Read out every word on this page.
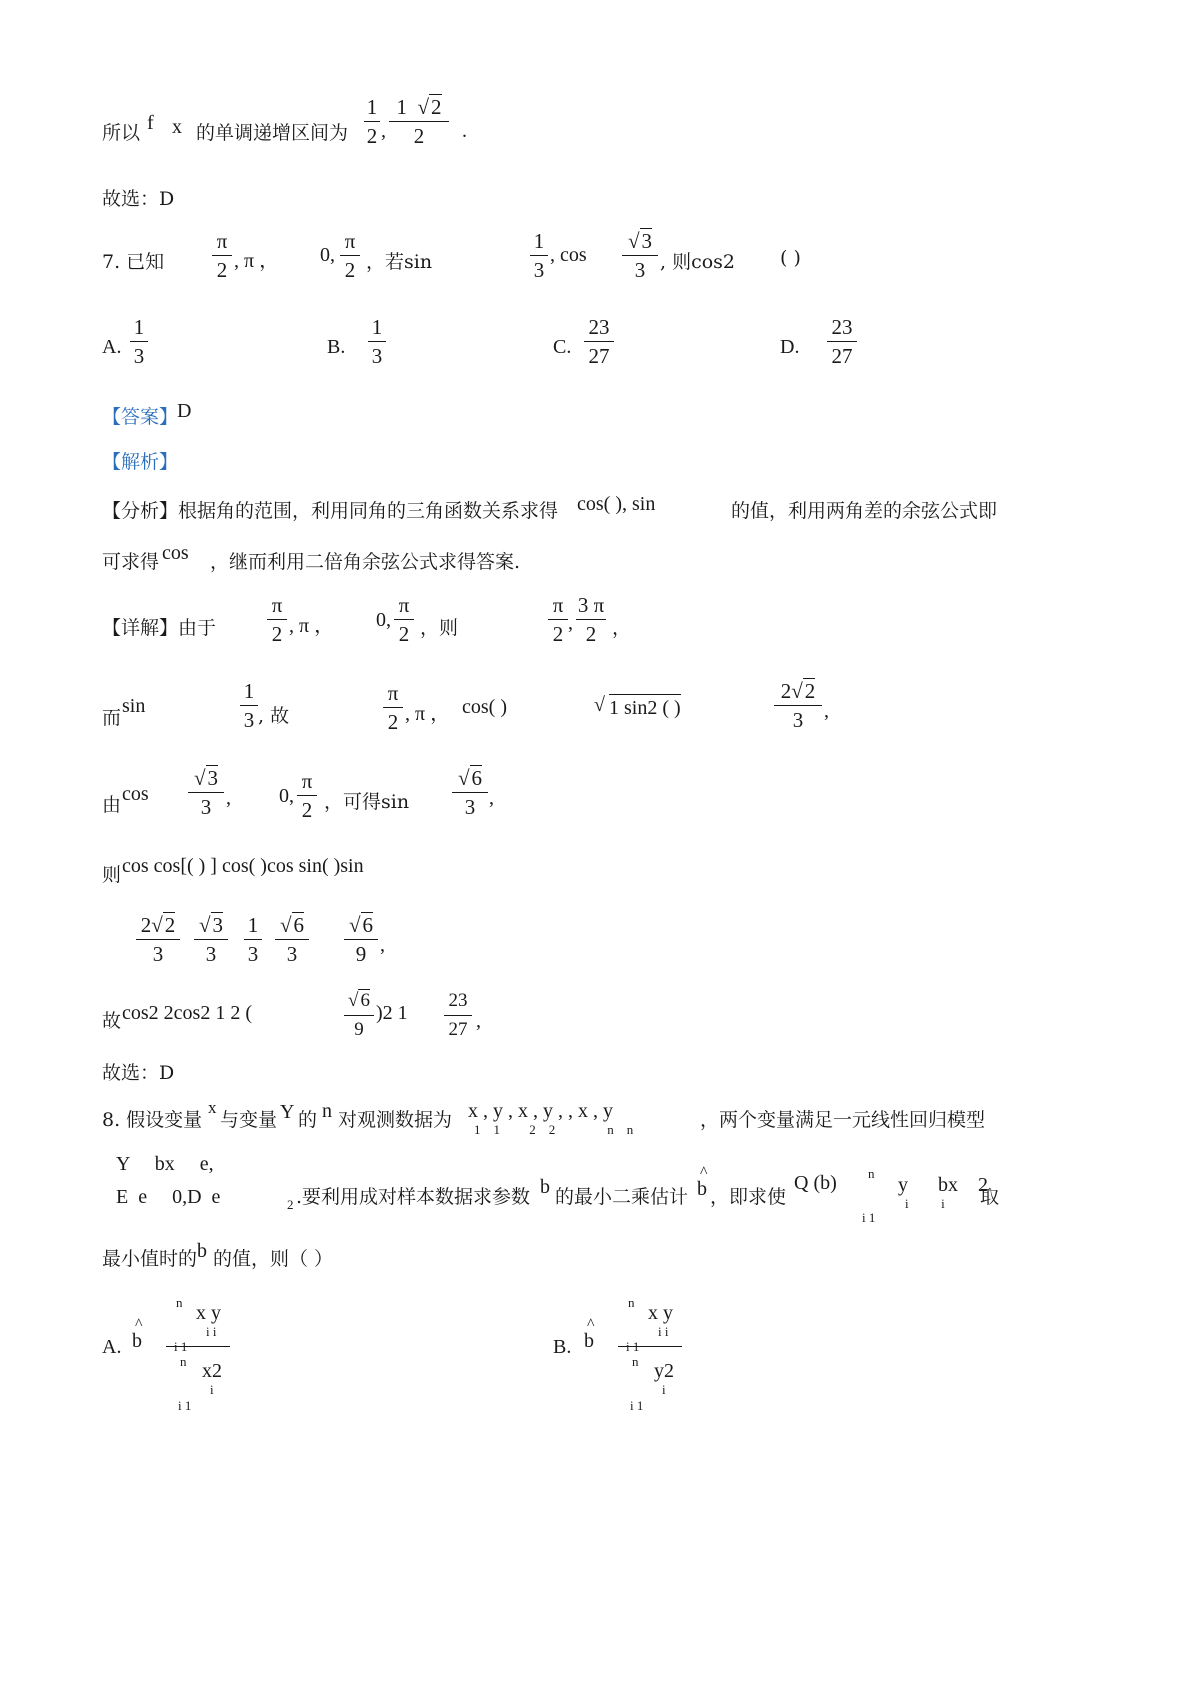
所以 f x 的单调递增区间为
1
2 ,
1  √2
2	.
故选：D
7. 已知
π
2 , π ， 0,
π
2 ，若sin
1
3
, cos
√3
3 , 则cos2 ( )
A.
1
3	B.
1
3	C.
23
27	D.
23
27
【答案】
D
【解析】
【分析】 根据角的范围，利用同角的三角函数关系求得 cos( ), sin	的值，利用两角差的余弦公式即
可求得 cos ，继而利用二倍角余弦公式求得答案.
【详解】 由于
π
2 , π ， 0,
π
2 ，则
π
2 ,
3 π
2 ，
而
sin
1
3 , 故
π
2 , π ， cos( )	√ 1 sin2 ( )
2√2
3	,
由 cos
√3
3 , 0,
π
2 ，可得sin
√6
3 ,
则 cos cos[( ) ] cos( )cos sin( )sin
2√2
3
√3
3
1
3
√6
3
√6
9 ,
故 cos2 2cos2 1 2 (
√ 6
9
)2 1
23
27 ,
故选：D
8. 假设变量
x
与变量 Y 的 n 对观测数据为 x , y , x , y , , x , y
1    1         2    2                n    n	，两个变量满足一元线性回归模型
Y     bx     e,
E  e     0,D  e	2 .要利用成对样本数据求参数 b 的最小二乘估计 ^ b ，即求使
Q (b) n
y      bx    2
i          i
i 1
取
最小值时的 b 的值，则（ ）
A. ^ b
n x y
i i
i 1
n x2
i
i 1
B. ^ b
n x y
i i
i 1
n y2
i
i 1
